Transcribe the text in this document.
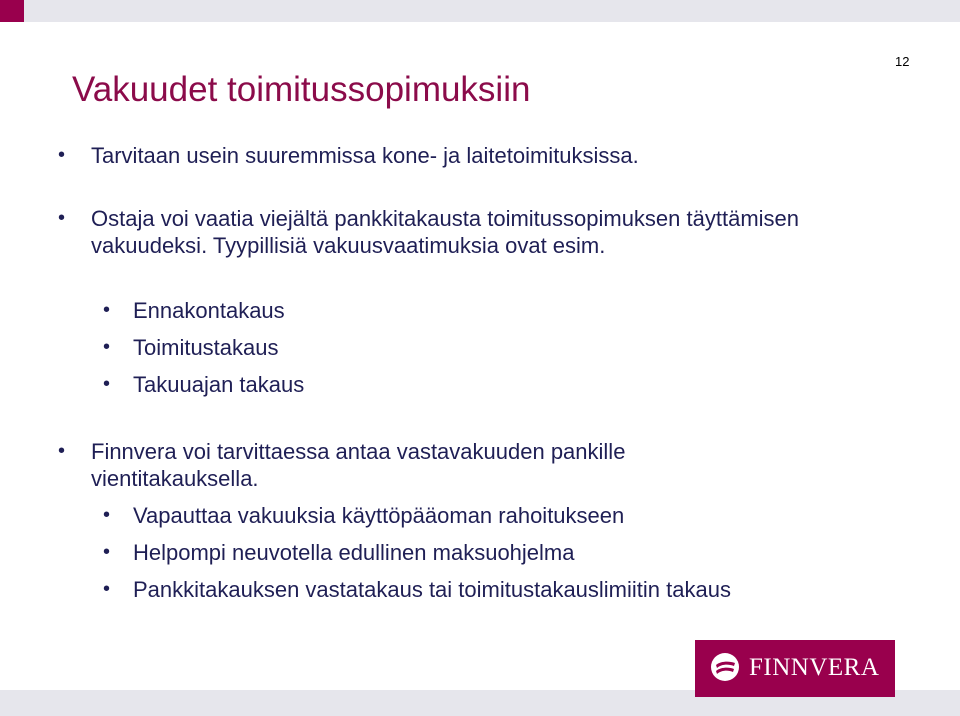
12
Vakuudet toimitussopimuksiin
• Tarvitaan usein suuremmissa kone- ja laitetoimituksissa.
• Ostaja voi vaatia viejältä pankkitakausta toimitussopimuksen täyttämisen vakuudeksi. Tyypillisiä vakuusvaatimuksia ovat esim.
• Ennakontakaus
• Toimitustakaus
• Takuuajan takaus
• Finnvera voi tarvittaessa antaa vastavakuuden pankille vientitakauksella.
• Vapauttaa vakuuksia käyttöpääoman rahoitukseen
• Helpompi neuvotella edullinen maksuohjelma
• Pankkitakauksen vastatakaus tai toimitustakauslimiitin takaus
FINNVERA
